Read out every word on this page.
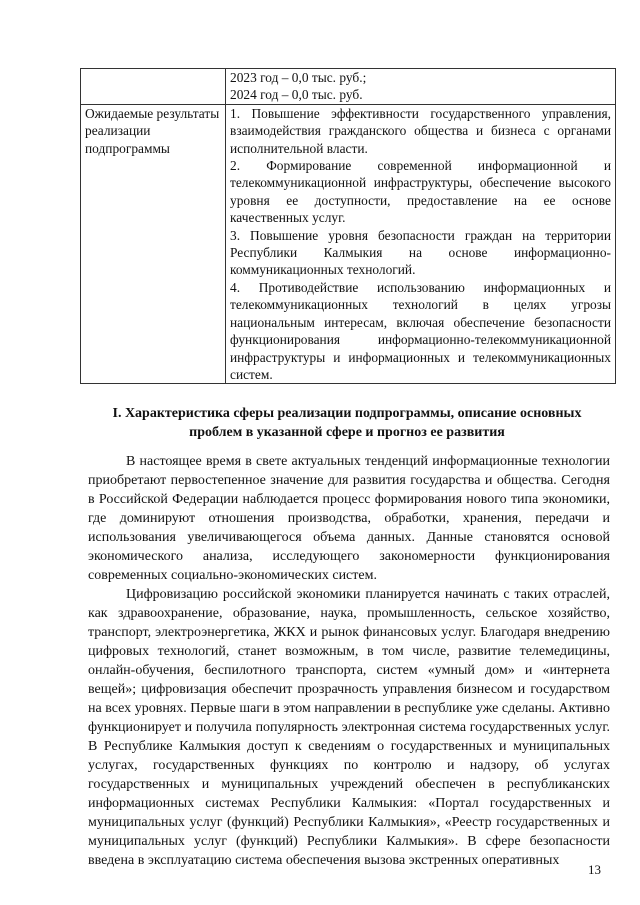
	2023 год – 0,0 тыс. руб.;
2024 год – 0,0 тыс. руб.

Ожидаемые результаты реализации подпрограммы	1. Повышение эффективности государственного управления, взаимодействия гражданского общества и бизнеса с органами исполнительной власти.
2. Формирование современной информационной и телекоммуникационной инфраструктуры, обеспечение высокого уровня ее доступности, предоставление на ее основе качественных услуг.
3. Повышение уровня безопасности граждан на территории Республики Калмыкия на основе информационно-коммуникационных технологий.
4. Противодействие использованию информационных и телекоммуникационных технологий в целях угрозы национальным интересам, включая обеспечение безопасности функционирования информационно-телекоммуникационной инфраструктуры и информационных и телекоммуникационных систем.
I. Характеристика сферы реализации подпрограммы, описание основных проблем в указанной сфере и прогноз ее развития

В настоящее время в свете актуальных тенденций информационные технологии приобретают первостепенное значение для развития государства и общества. Сегодня в Российской Федерации наблюдается процесс формирования нового типа экономики, где доминируют отношения производства, обработки, хранения, передачи и использования увеличивающегося объема данных. Данные становятся основой экономического анализа, исследующего закономерности функционирования современных социально-экономических систем.

Цифровизацию российской экономики планируется начинать с таких отраслей, как здравоохранение, образование, наука, промышленность, сельское хозяйство, транспорт, электроэнергетика, ЖКХ и рынок финансовых услуг. Благодаря внедрению цифровых технологий, станет возможным, в том числе, развитие телемедицины, онлайн-обучения, беспилотного транспорта, систем «умный дом» и «интернета вещей»; цифровизация обеспечит прозрачность управления бизнесом и государством на всех уровнях. Первые шаги в этом направлении в республике уже сделаны. Активно функционирует и получила популярность электронная система государственных услуг. В Республике Калмыкия доступ к сведениям о государственных и муниципальных услугах, государственных функциях по контролю и надзору, об услугах государственных и муниципальных учреждений обеспечен в республиканских информационных системах Республики Калмыкия: «Портал государственных и муниципальных услуг (функций) Республики Калмыкия», «Реестр государственных и муниципальных услуг (функций) Республики Калмыкия». В сфере безопасности введена в эксплуатацию система обеспечения вызова экстренных оперативных

13
